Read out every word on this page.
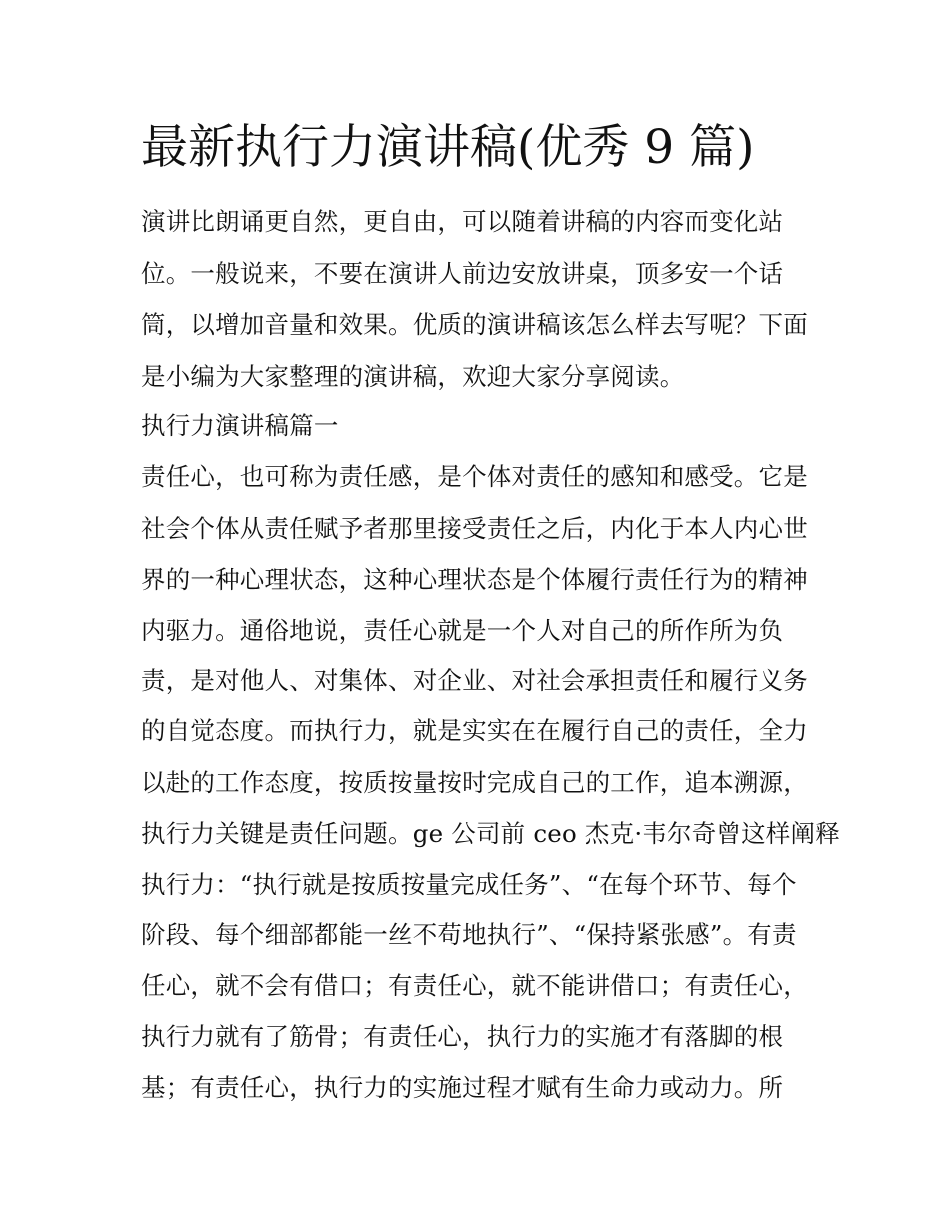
最新执行力演讲稿(优秀 9 篇)

演讲比朗诵更自然，更自由，可以随着讲稿的内容而变化站

位。一般说来，不要在演讲人前边安放讲桌，顶多安一个话

筒，以增加音量和效果。优质的演讲稿该怎么样去写呢？下面

是小编为大家整理的演讲稿，欢迎大家分享阅读。

执行力演讲稿篇一

责任心，也可称为责任感，是个体对责任的感知和感受。它是

社会个体从责任赋予者那里接受责任之后，内化于本人内心世

界的一种心理状态，这种心理状态是个体履行责任行为的精神

内驱力。通俗地说，责任心就是一个人对自己的所作所为负

责，是对他人、对集体、对企业、对社会承担责任和履行义务

的自觉态度。而执行力，就是实实在在履行自己的责任，全力

以赴的工作态度，按质按量按时完成自己的工作，追本溯源，

执行力关键是责任问题。ge 公司前 ceo 杰克·韦尔奇曾这样阐释

执行力：“执行就是按质按量完成任务”、“在每个环节、每个

阶段、每个细部都能一丝不苟地执行”、“保持紧张感”。有责

任心，就不会有借口；有责任心，就不能讲借口；有责任心，

执行力就有了筋骨；有责任心，执行力的实施才有落脚的根

基；有责任心，执行力的实施过程才赋有生命力或动力。所
